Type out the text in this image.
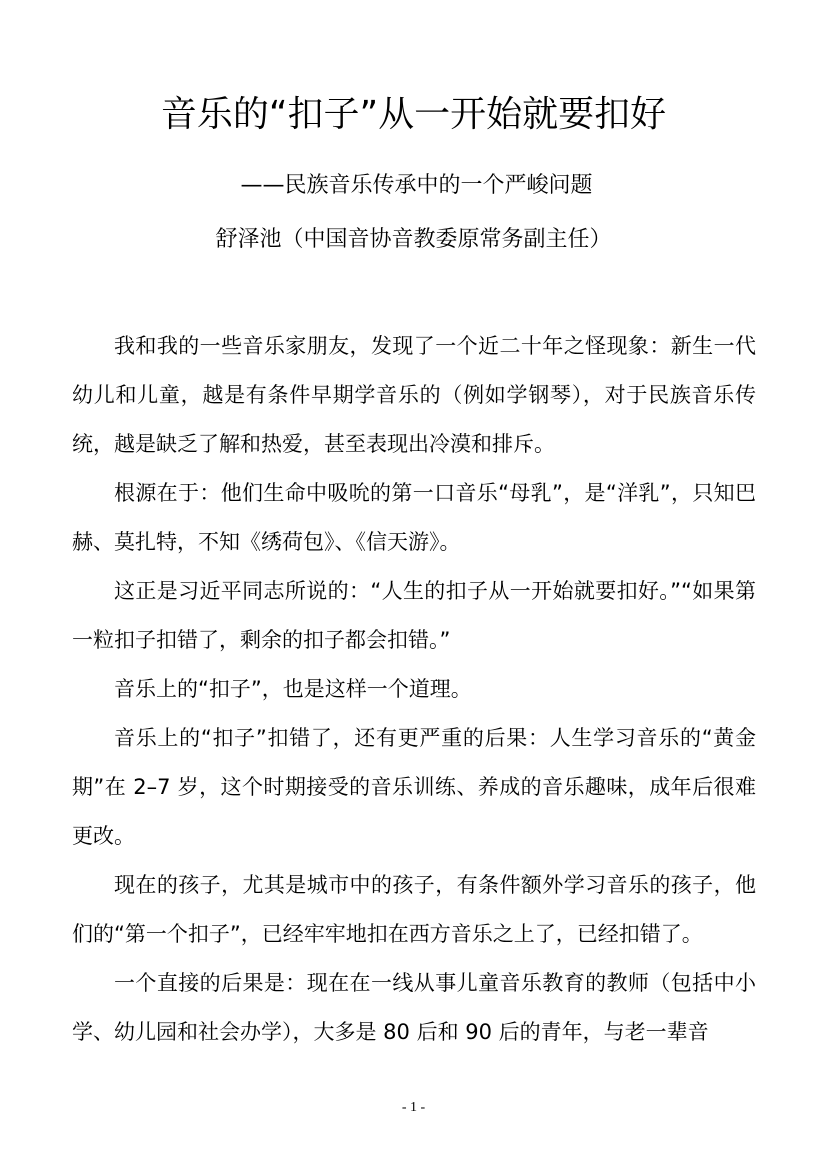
音乐的“扣子”从一开始就要扣好
——民族音乐传承中的一个严峻问题
舒泽池（中国音协音教委原常务副主任）

我和我的一些音乐家朋友，发现了一个近二十年之怪现象：新生一代幼儿和儿童，越是有条件早期学音乐的（例如学钢琴），对于民族音乐传统，越是缺乏了解和热爱，甚至表现出冷漠和排斥。

根源在于：他们生命中吸吮的第一口音乐“母乳”，是“洋乳”，只知巴赫、莫扎特，不知《绣荷包》、《信天游》。

这正是习近平同志所说的：“人生的扣子从一开始就要扣好。”“如果第一粒扣子扣错了，剩余的扣子都会扣错。”

音乐上的“扣子”，也是这样一个道理。

音乐上的“扣子”扣错了，还有更严重的后果：人生学习音乐的“黄金期”在 2–7 岁，这个时期接受的音乐训练、养成的音乐趣味，成年后很难更改。

现在的孩子，尤其是城市中的孩子，有条件额外学习音乐的孩子，他们的“第一个扣子”，已经牢牢地扣在西方音乐之上了，已经扣错了。

一个直接的后果是：现在在一线从事儿童音乐教育的教师（包括中小学、幼儿园和社会办学），大多是 80 后和 90 后的青年，与老一辈音

- 1 -
